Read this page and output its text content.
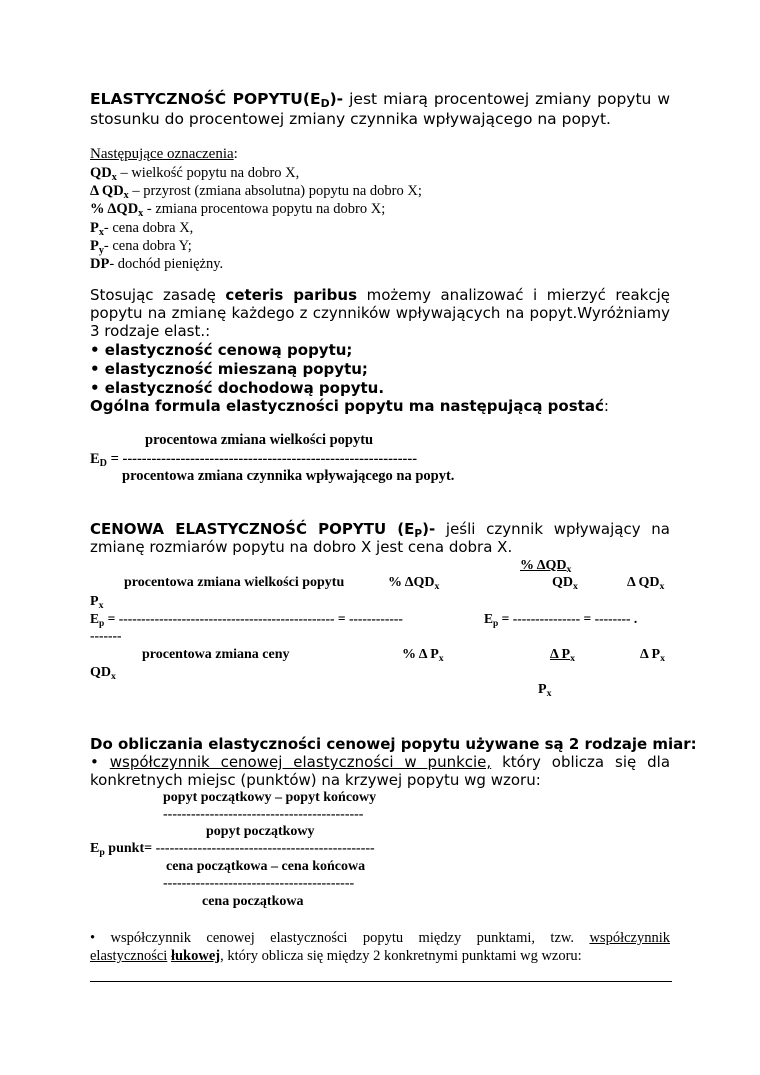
ELASTYCZNOŚĆ $POPYTU(E_D)-$ jest miarą procentowej zmiany popytu w
stosunku do procentowej zmiany czynnika wpływającego na popyt.
Następujące oznaczenia:
$QD_x$ – wielkość popytu na dobro X,
Δ $QD_x$ – przyrost (zmiana absolutna) popytu na dobro X;
% $\Delta QD_x$ - zmiana procentowa popytu na dobro X;
$P_x-$ cena dobra X,
$P_y-$ cena dobra Y;
DP- dochód pieniężny.
Stosując zasadę ceteris paribus możemy analizować i mierzyć reakcję
popytu na zmianę każdego z czynników wpływających na popyt.Wyróżniamy
3 rodzaje elast.:
• elastyczność cenową popytu;
• elastyczność mieszaną popytu;
• elastyczność dochodową popytu.
Ogólna formula elastyczności popytu ma następującą postać:
procentowa zmiana wielkości popytu
$E_D$ = -------------------------------------------------------------
procentowa zmiana czynnika wpływającego na popyt.
CENOWA ELASTYCZNOŚĆ POPYTU $(E_P)-$ jeśli czynnik wpływający na
zmianę rozmiarów popytu na dobro X jest cena dobra X.
% $\Delta QD_x$
procentowa zmiana wielkości popytu	% $\Delta QD_x$	$QD_x$	Δ $QD_x$
$P_x$
$E_p$ = ------------------------------------------------ = ------------	$E_p$ = --------------- = -------- .
-------
procentowa zmiana ceny	% Δ $P_x$	Δ $P_x$	Δ $P_x$
$QD_x$
$P_x$
Do obliczania elastyczności cenowej popytu używane są 2 rodzaje miar:
• współczynnik cenowej elastyczności w punkcie, który oblicza się dla
konkretnych miejsc (punktów) na krzywej popytu wg wzoru:
popyt początkowy – popyt końcowy
-------------------------------------------
popyt początkowy
$E_p$ punkt= -----------------------------------------------
cena początkowa – cena końcowa
-----------------------------------------
cena początkowa
• współczynnik cenowej elastyczności popytu między punktami, tzw. współczynnik
elastyczności łukowej, który oblicza się między 2 konkretnymi punktami wg wzoru:
